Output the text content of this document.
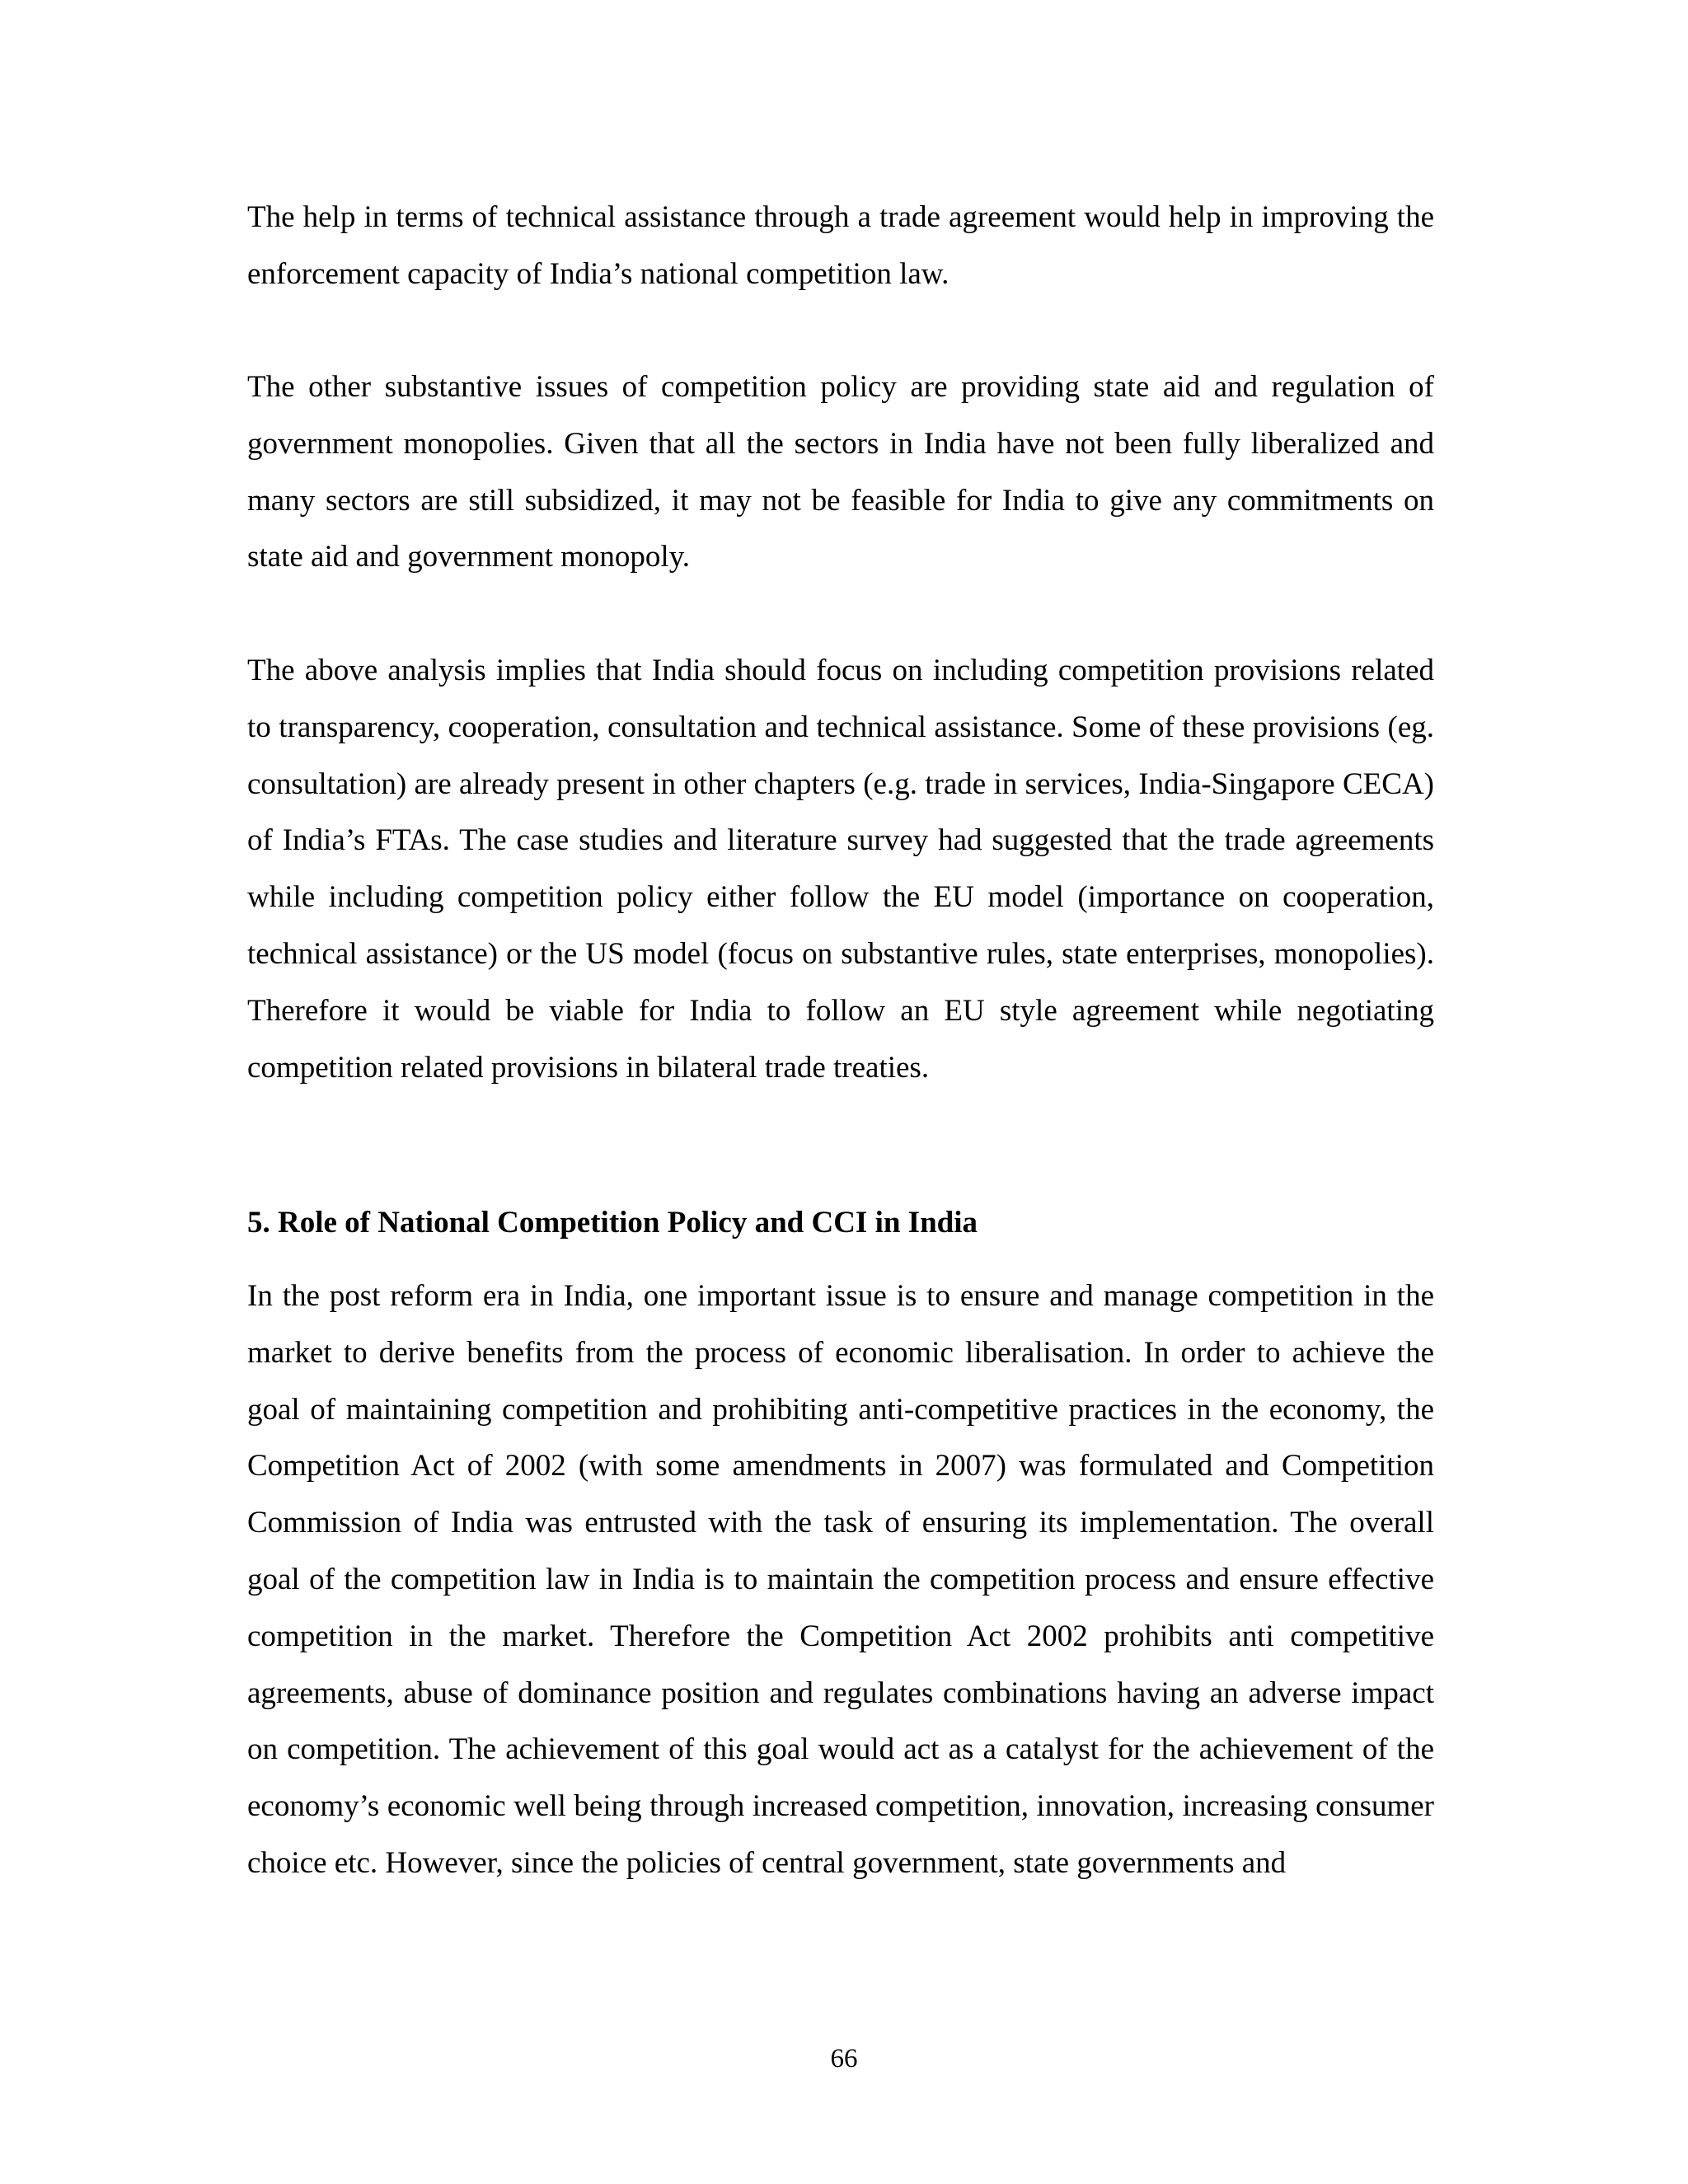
The help in terms of technical assistance through a trade agreement would help in improving the enforcement capacity of India’s national competition law.

The other substantive issues of competition policy are providing state aid and regulation of government monopolies. Given that all the sectors in India have not been fully liberalized and many sectors are still subsidized, it may not be feasible for India to give any commitments on state aid and government monopoly.

The above analysis implies that India should focus on including competition provisions related to transparency, cooperation, consultation and technical assistance. Some of these provisions (eg. consultation) are already present in other chapters (e.g. trade in services, India-Singapore CECA) of India’s FTAs. The case studies and literature survey had suggested that the trade agreements while including competition policy either follow the EU model (importance on cooperation, technical assistance) or the US model (focus on substantive rules, state enterprises, monopolies). Therefore it would be viable for India to follow an EU style agreement while negotiating competition related provisions in bilateral trade treaties.

5. Role of National Competition Policy and CCI in India

In the post reform era in India, one important issue is to ensure and manage competition in the market to derive benefits from the process of economic liberalisation. In order to achieve the goal of maintaining competition and prohibiting anti-competitive practices in the economy, the Competition Act of 2002 (with some amendments in 2007) was formulated and Competition Commission of India was entrusted with the task of ensuring its implementation. The overall goal of the competition law in India is to maintain the competition process and ensure effective competition in the market. Therefore the Competition Act 2002 prohibits anti competitive agreements, abuse of dominance position and regulates combinations having an adverse impact on competition. The achievement of this goal would act as a catalyst for the achievement of the economy’s economic well being through increased competition, innovation, increasing consumer choice etc. However, since the policies of central government, state governments and

66
